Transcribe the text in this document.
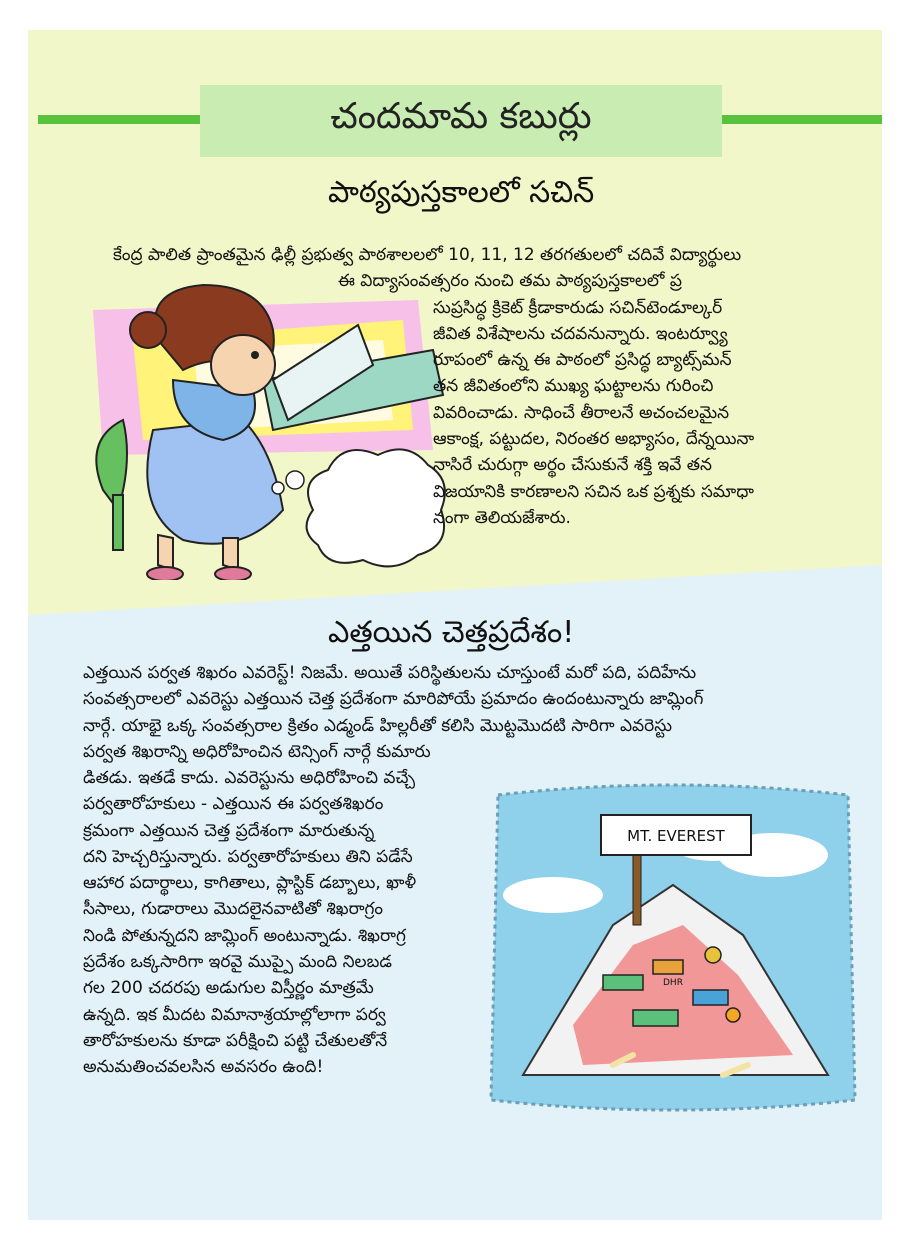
చందమామ కబుర్లు
పాఠ్యపుస్తకాలలో సచిన్
కేంద్ర పాలిత ప్రాంతమైన ఢిల్లీ ప్రభుత్వ పాఠశాలలలో 10, 11, 12 తరగతులలో చదివే విద్యార్థులు
ఈ విద్యాసంవత్సరం నుంచి తమ పాఠ్యపుస్తకాలలో ప్ర
సుప్రసిద్ధ క్రికెట్ క్రీడాకారుడు సచిన్‌టెండూల్కర్
జీవిత విశేషాలను చదవనున్నారు. ఇంటర్వ్యూ
రూపంలో ఉన్న ఈ పాఠంలో ప్రసిద్ధ బ్యాట్స్‌మన్
తన జీవితంలోని ముఖ్య ఘట్టాలను గురించి
వివరించాడు. సాధించే తీరాలనే అచంచలమైన
ఆకాంక్ష, పట్టుదల, నిరంతర అభ్యాసం, దేన్నయినా
నాసిరే చురుగ్గా అర్థం చేసుకునే శక్తి ఇవే తన
విజయానికి కారణాలని సచిన ఒక ప్రశ్నకు సమాధా
నంగా తెలియజేశారు.
ఎత్తయిన చెత్తప్రదేశం!
ఎత్తయిన పర్వత శిఖరం ఎవరెస్ట్! నిజమే. అయితే పరిస్థితులను చూస్తుంటే మరో పది, పదిహేను
సంవత్సరాలలో ఎవరెస్టు ఎత్తయిన చెత్త ప్రదేశంగా మారిపోయే ప్రమాదం ఉందంటున్నారు జామ్లింగ్
నార్గే. యాభై ఒక్క సంవత్సరాల క్రితం ఎడ్మండ్ హిల్లరీతో కలిసి మొట్టమొదటి సారిగా ఎవరెస్టు
పర్వత శిఖరాన్ని అధిరోహించిన టెన్సింగ్ నార్గే కుమారు
డితడు. ఇతడే కాదు. ఎవరెస్టును అధిరోహించి వచ్చే
పర్వతారోహకులు - ఎత్తయిన ఈ పర్వతశిఖరం
క్రమంగా ఎత్తయిన చెత్త ప్రదేశంగా మారుతున్న
దని హెచ్చరిస్తున్నారు. పర్వతారోహకులు తిని పడేసే
ఆహార పదార్థాలు, కాగితాలు, ప్లాస్టిక్ డబ్బాలు, ఖాళీ
సీసాలు, గుడారాలు మొదలైనవాటితో శిఖరాగ్రం
నిండి పోతున్నదని జామ్లింగ్ అంటున్నాడు. శిఖరాగ్ర
ప్రదేశం ఒక్కసారిగా ఇరవై ముప్పై మంది నిలబడ
గల 200 చదరపు అడుగుల విస్తీర్ణం మాత్రమే
ఉన్నది. ఇక మీదట విమానాశ్రయాల్లోలాగా పర్వ
తారోహకులను కూడా పరీక్షించి పట్టి చేతులతోనే
అనుమతించవలసిన అవసరం ఉంది!
MT. EVEREST
DHR
